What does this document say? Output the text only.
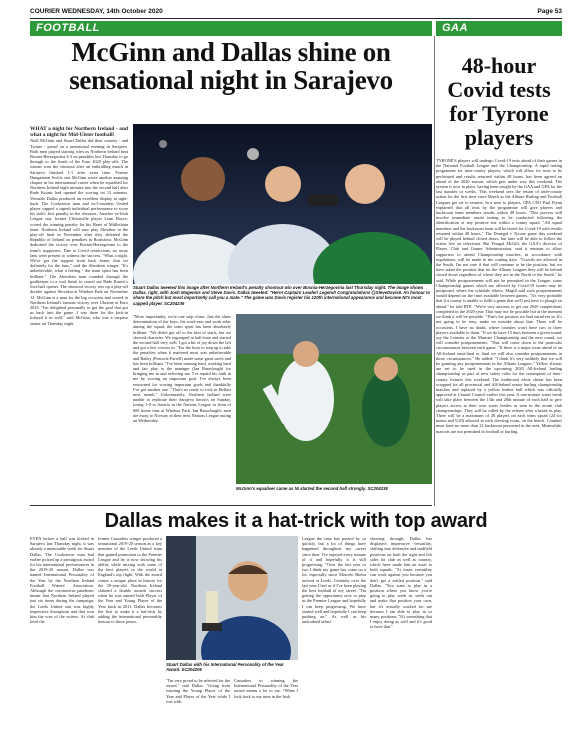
COURIER WEDNESDAY, 14th October 2020	Page 53
FOOTBALL	GAA
McGinn and Dallas shine on sensational night in Sarajevo

WHAT a night for Northern Ireland - and what a night for Mid-Ulster football!

Niall McGinn and Stuart Dallas did their country - and Tyrone - proud on a sensational evening in Sarajevo. Both men played starring roles as Northern Ireland beat Bosnia-Herzegovina 4-3 on penalties last Thursday to go through to the finals of the Euro 2020 play-offs. The winner won the shootout after an enthralling match in Sarajevo finished 1-1 after extra time. Former Dungannon Swifts star McGinn wrote another amazing chapter in his international career when he equalised for Northern Ireland eight minutes into the second half after Rade Krunic had opened the scoring on 13 minutes. Versatile Dallas produced an excellent display at right-back. The Cookstown man and ex-Crusaders United player capped a superb individual performance to score his side's first penalty in the shootout. Another ex-Irish League star, former Cliftonville player Liam Boyce, scored the winning penalty for his Heart of Midlothian team. Northern Ireland will now play Slovakia in the play-off final in November after they defeated the Republic of Ireland on penalties in Bratislava. McGinn dedicated the victory over Bosnia-Herzegovina to the team's supporters. Due to Covid restrictions, no away fans were present to witness the success. "What a night. We've got the support from back home, that we definitely for the fans," said the Aberdeen winger. "It's unbelievable, what a feeling - the team spirit has been brilliant." The Aberdeen man rounded through the goalkeeper to a cool finish to cancel out Rade Krunic's first-half opener. The shootout victory sets up a play-off decider against Slovakia at Windsor Park on November 12. McGinn is a man for the big occasion and scored in Northern Ireland's famous victory over Ukraine at Euro 2016. "I'm delighted personally to get the goal that got us back into the game. I was there for the kick-in Iolaved it as well," said McGinn, who was a surprise starter on Thursday night.

Stuart Dallas tweeted this image after Northern Ireland's penalty shootout win over Bosnia-Herzegovina last Thursday night. The image shows Dallas, right, with Josh Magennis and Steve Davis. Dallas tweeted: "Hero! Captain! Leader! Legend! Congratulations @SteveDavis8. An honour to share the pitch but most importantly call you a mate." The game was Davis register his 120th international appearance and become NI's most capped player. SC204236

"More importantly, we're one step closer. Just the sheer determination of the boys, the work-rate and work ethic among the squad, the team spirit has been absolutely brilliant. "We didn't get off to the best of starts, but we showed character. We regrouped at half-time and started the second half very well. I got a bit of joy down the left and got a few crosses in. "For the boys to step up to take the penalties when it mattered most was unbelievable and Bailey (Peacock-Farrell) made some great saves and has been brilliant. "I've been training hard, working hard and fair play to the manager (Ian Baraclough) for bringing me in and selecting me. I've repaid his faith in me by scoring an important goal. I've always been renowned for scoring important goals and thankfully I've got another one. "That's us ready to rock in Belfast next month." Unfortunately, Northern Ireland were unable to replicate their Sarajevo heroics on Sunday, losing 1-0 to Austria in the Nations League in front of 600 home fans at Windsor Park. Ian Baraclough's men are away to Norway in their next Nations League outing on Wednesday.

McGinn's equaliser came as NI started the second half strongly. SC204235
48-hour Covid tests for Tyrone players

TYRONE'S players will undergo Covid-19 tests ahead of their games in the National Football League and the Championship. A rapid testing programme for inter-county players, which will allow for tests to be performed and results returned within 48 hours, has been agreed on ahead of the 2020 season, which gets under way this weekend. The system is now in place, having been sought by the GAA and GPA for the last number of weeks. This weekend sees the return of inter-county action for the first time since March as the Allianz Hurling and Football Leagues get set to resume. In a note to players, GPA CEO Paul Flynn explained that all tests by the programme will give players and backroom team members results within 48 hours. "This process will involve immediate onsite testing to be conducted following the identification of any positive test within a county squad. "All squad members and the backroom team will be tested for Covid-19 with results returned within 48 hours." The Donegal v Tyrone game this weekend will be played behind closed doors, but fans will be able to follow the action live on television. But Feargal McGill, the GAA's director of Player, Club and Games Administration, said it remains to allow supporters to attend Championship matches, in accordance with regulations, will be made in the coming days. "Crowds are allowed in the South, I'm not sure if that will continue to be the position, but we have taken the position that for the Allianz Leagues they will be behind closed doors regardless of where they are in the North or the South," he said. While postponements will not be permitted in the League, some Championship games which are affected by Covid-19 issues may be postponed, where the schedule allows. Magill said such postponements would depend on the time available between games. "It's very probable that if a county is unable to fulfil a game that we'll just have to plough on ahead," he told RTE. "We're very anxious to get our 2020 competitions completed in the 2020 year. That may not be possible but at the moment we think it will be possible. "That's the position we find ourselves in. It's not going to be easy, make no mistake about that. There will be occasions, I have no doubt, where counties won't have two or three players available to them. "If we do have 13 days between a given round, say the Leinster or the Munster Championship and the next round, we will consider postponements. "That will come down to the particular circumstances between each game. "If there is a major issue ahead of an All-Ireland semi-final or final we will also consider postponements in those circumstances." He added: "I think it's very unlikely that we will be granting any postponements in the Allianz Leagues." Yellow sliotars are set to be used in the upcoming 2020 All-Ireland hurling championship as part of new safety rules for the resumption of inter-county fixtures this weekend. The traditional white sliotar has been scrapped for all provincial and All-Ireland senior hurling championship matches and replaced by a yellow leather ball which was officially approved at Central Council earlier this year. A one-minute water break will take place between the 15th and 20th minute of each half to give players access to their own water bottles as seen in the recent club championships. They will be called by the referee after a break in play. There will be a maximum of 26 players on each team squad (24 for minor and U20) allowed in each dressing room, on the bench. Counties must have no more than 12 backroom personnel in the area. Meanwhile, mascots are not permitted in football or hurling.

Dallas makes it a hat-trick with top award

EVEN before a ball was kicked in Sarajevo last Thursday night, it was already a memorable week for Stuart Dallas. The Cookstown man had earlier picked up a prestigious award for his international performances in the 2019-20 season. Dallas was named International Personality of the Year by the Northern Ireland Football Writers' Association. Although the coronavirus pandemic meant that Northern Ireland played just six times during the campaign, the Leeds United star was highly impressive throughout and that won him the vote of the writers. At club level the

former Crusaders winger produced a sensational 2019-20 season as a key member of the Leeds United team that gained promotion to the Premier League and he is now showing his ability while mixing with some of the best players in the world in England's top flight. With the award comes a unique place in history for the 29-year-old. Northern Ireland claimed a double awards success when he was named both Player of the Year and Young Player of the Year back in 2011. Dallas becomes the first to make it a hat-trick by adding the international personality honour to those prizes.

Stuart Dallas with his International Personality of the Year Award. SC204206

"I'm very proud to be selected for the award," said Dallas. "Going from winning the Young Player of the Year and Player of the Year while I was with

Crusaders to winning the International Personality of the Year award means a lot to me. "When I look back to my time in the Irish

League the time has passed by so quickly, but a lot of things have happened throughout my career since then. I've enjoyed every minute of it and hopefully it is still progressing. "Over the last year or two I think my game has come on a lot, especially since Marcelo Bielsa arrived at Leeds. Certainly over the last year I feel as if I've been playing the best football of my career. "I'm getting the opportunity now to play in the Premier League and hopefully I can keep progressing. We have started well and hopefully I can keep pushing on." As well as his undoubted talent

showing through, Dallas has displayed impressive versatility, shifting into defensive and midfield positions on both the right and left sides for club as well as country, which have made him an asset to both squads. "At times versatility can work against you because you don't get a settled position," said Dallas. "You want to play in a position where you know you're going to play week in, week out and make that position your own, but it's actually worked for me because I am able to play in so many positions. "It's something that I enjoy doing as well and it's good to have that."
